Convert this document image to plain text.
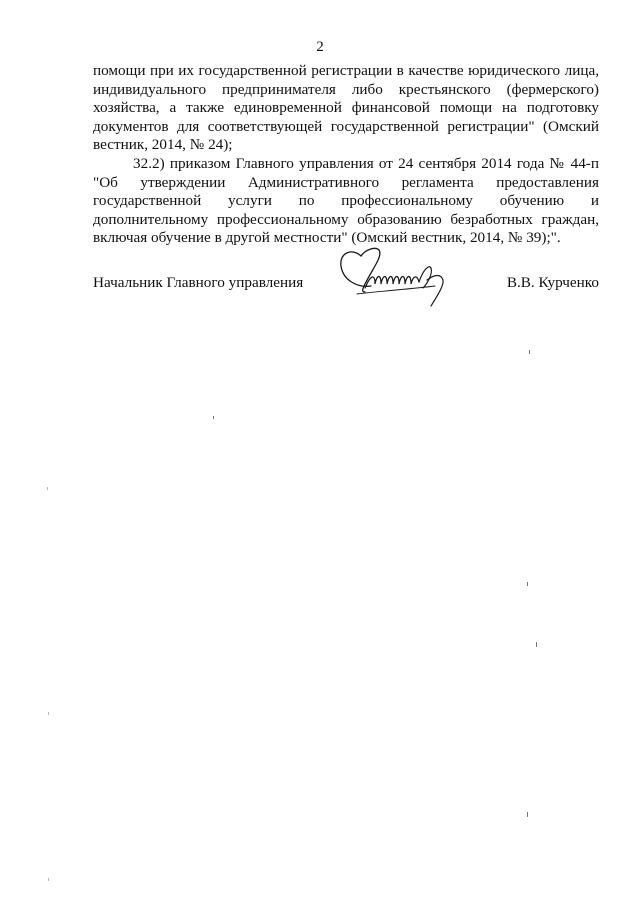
2
помощи при их государственной регистрации в качестве юридического лица, индивидуального предпринимателя либо крестьянского (фермерского) хозяйства, а также единовременной финансовой помощи на подготовку документов для соответствующей государственной регистрации" (Омский вестник, 2014, № 24);
32.2) приказом Главного управления от 24 сентября 2014 года № 44-п "Об утверждении Административного регламента предоставления государственной услуги по профессиональному обучению и дополнительному профессиональному образованию безработных граждан, включая обучение в другой местности" (Омский вестник, 2014, № 39);".
Начальник Главного управления	В.В. Курченко
